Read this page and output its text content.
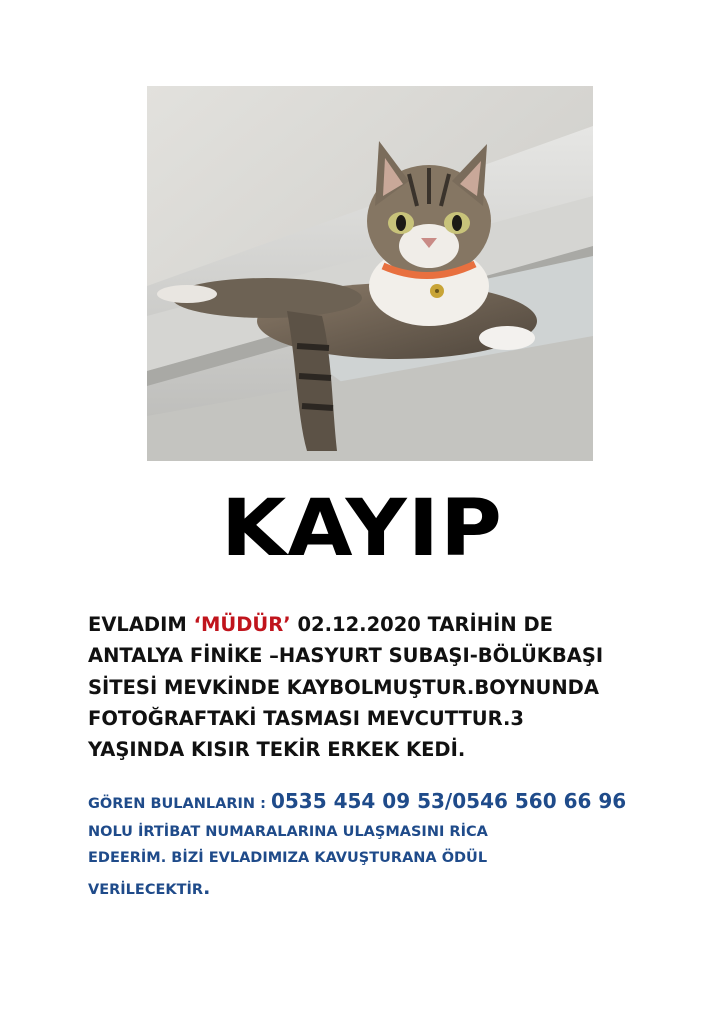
KAYIP
EVLADIM ‘MÜDÜR’ 02.12.2020 TARİHİN DE
ANTALYA FİNİKE –HASYURT SUBAŞI-BÖLÜKBAŞI
SİTESİ MEVKİNDE KAYBOLMUŞTUR.BOYNUNDA
FOTOĞRAFTAKİ TASMASI MEVCUTTUR.3
YAŞINDA KISIR TEKİR ERKEK KEDİ.
GÖREN BULANLARIN : 0535 454 09 53/0546 560 66 96
NOLU İRTİBAT NUMARALARINA ULAŞMASINI RİCA
EDEERİM. BİZİ EVLADIMIZA KAVUŞTURANA ÖDÜL
VERİLECEKTİR.
